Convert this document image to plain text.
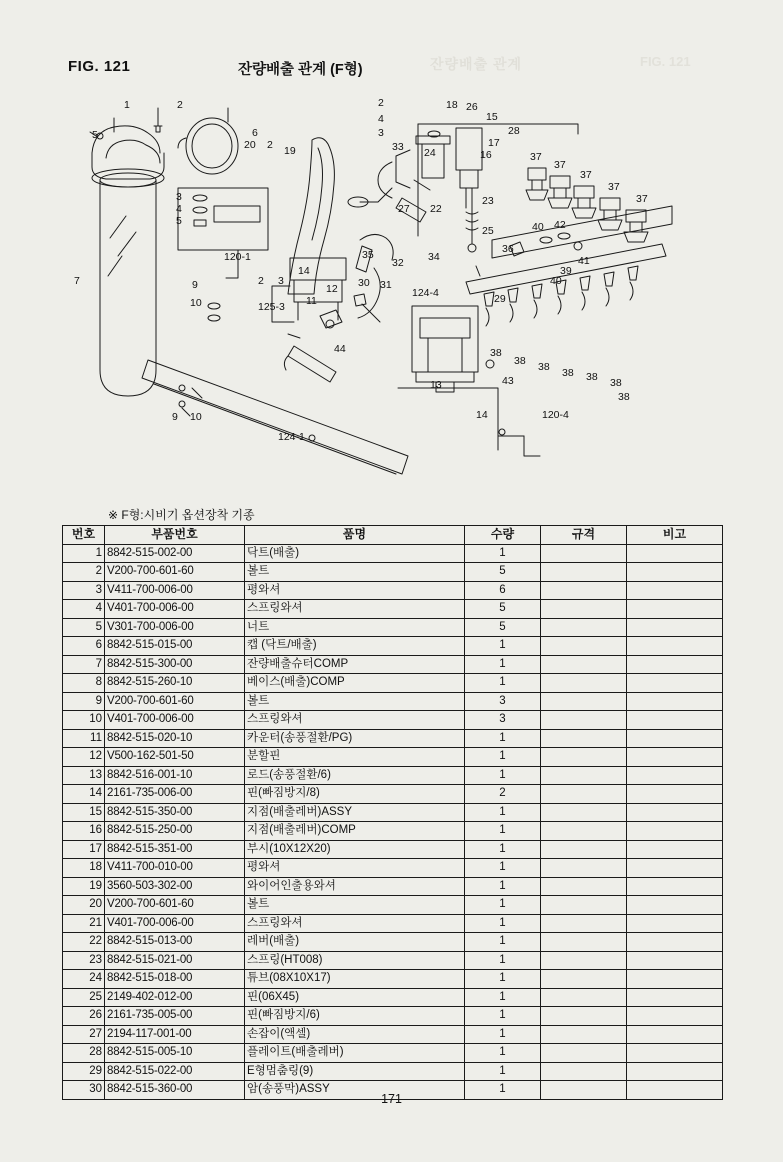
잔량배출 관계	FIG. 121
FIG. 121	잔량배출 관계 (F형)
1	2
5	6
2
4
3
20 2 19	33
18 26
15
28
17
24	16	37
37
37
37
37
3
4
5
27 22
23
25
120-1	34
36
40 42
41
39
40
7	9
10
35
32
2 3
14
12 30 31
11
125-3
44
124-4	29
38
38 38 38 38 38
38
43
13
9 10
124-1
14	120-4
※ F형:시비기 옵션장착 기종
번호	부품번호	품명	수량	규격	비고
1	8842-515-002-00	닥트(배출)	1		
2	V200-700-601-60	볼트	5		
3	V411-700-006-00	평와셔	6		
4	V401-700-006-00	스프링와셔	5		
5	V301-700-006-00	너트	5		
6	8842-515-015-00	캡 (닥트/배출)	1		
7	8842-515-300-00	잔량배출슈터COMP	1		
8	8842-515-260-10	베이스(배출)COMP	1		
9	V200-700-601-60	볼트	3		
10	V401-700-006-00	스프링와셔	3		
11	8842-515-020-10	카운터(송풍절환/PG)	1		
12	V500-162-501-50	분할핀	1		
13	8842-516-001-10	로드(송풍절환/6)	1		
14	2161-735-006-00	핀(빠짐방지/8)	2		
15	8842-515-350-00	지점(배출레버)ASSY	1		
16	8842-515-250-00	지점(배출레버)COMP	1		
17	8842-515-351-00	부시(10X12X20)	1		
18	V411-700-010-00	평와셔	1		
19	3560-503-302-00	와이어인출용와셔	1		
20	V200-700-601-60	볼트	1		
21	V401-700-006-00	스프링와셔	1		
22	8842-515-013-00	레버(배출)	1		
23	8842-515-021-00	스프링(HT008)	1		
24	8842-515-018-00	튜브(08X10X17)	1		
25	2149-402-012-00	핀(06X45)	1		
26	2161-735-005-00	핀(빠짐방지/6)	1		
27	2194-117-001-00	손잡이(액셀)	1		
28	8842-515-005-10	플레이트(배출레버)	1		
29	8842-515-022-00	E형멈춤링(9)	1		
30	8842-515-360-00	암(송풍막)ASSY	1		
171
